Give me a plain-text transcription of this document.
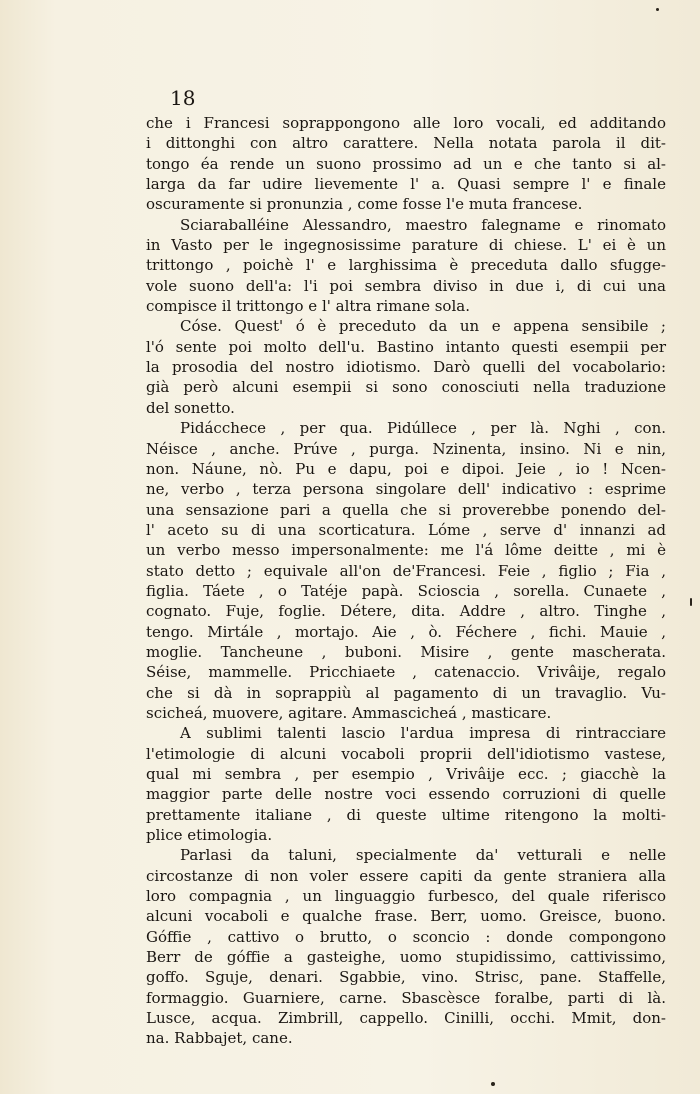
18
che i Francesi soprappongono alle loro vocali, ed additando
i dittonghi con altro carattere. Nella notata parola il dit-
tongo éa rende un suono prossimo ad un e che tanto si al-
larga da far udire lievemente l' a. Quasi sempre l' e finale
oscuramente si pronunzia , come fosse l'e muta francese.
Sciaraballéine Alessandro, maestro falegname e rinomato
in Vasto per le ingegnosissime parature di chiese. L' ei è un
trittongo , poichè l' e larghissima è preceduta dallo sfugge-
vole suono dell'a: l'i poi sembra diviso in due i, di cui una
compisce il trittongo e l' altra rimane sola.
Cóse. Quest' ó è preceduto da un e appena sensibile ;
l'ó sente poi molto dell'u. Bastino intanto questi esempii per
la prosodia del nostro idiotismo. Darò quelli del vocabolario:
già però alcuni esempii si sono conosciuti nella traduzione
del sonetto.
Pidácchece , per qua. Pidúllece , per là. Nghi , con.
Néisce , anche. Prúve , purga. Nzinenta, insino. Ni e nin,
non. Náune, nò. Pu e dapu, poi e dipoi. Jeie , io ! Ncen-
ne, verbo , terza persona singolare dell' indicativo : esprime
una sensazione pari a quella che si proverebbe ponendo del-
l' aceto su di una scorticatura. Lóme , serve d' innanzi ad
un verbo messo impersonalmente: me l'á lôme deitte , mi è
stato detto ; equivale all'on de'Francesi. Feie , figlio ; Fia ,
figlia. Táete , o Tatéje papà. Scioscia , sorella. Cunaete ,
cognato. Fuje, foglie. Détere, dita. Addre , altro. Tinghe ,
tengo. Mirtále , mortajo. Aie , ò. Féchere , fichi. Mauie ,
moglie. Tancheune , buboni. Misire , gente mascherata.
Séise, mammelle. Pricchiaete , catenaccio. Vrivâije, regalo
che si dà in soprappiù al pagamento di un travaglio. Vu-
scicheá, muovere, agitare. Ammascicheá , masticare.
A sublimi talenti lascio l'ardua impresa di rintracciare
l'etimologie di alcuni vocaboli proprii dell'idiotismo vastese,
qual mi sembra , per esempio , Vrivâije ecc. ; giacchè la
maggior parte delle nostre voci essendo corruzioni di quelle
prettamente italiane , di queste ultime ritengono la molti-
plice etimologia.
Parlasi da taluni, specialmente da' vetturali e nelle
circostanze di non voler essere capiti da gente straniera alla
loro compagnia , un linguaggio furbesco, del quale riferisco
alcuni vocaboli e qualche frase. Berr, uomo. Greisce, buono.
Góffie , cattivo o brutto, o sconcio : donde compongono
Berr de góffie a gasteighe, uomo stupidissimo, cattivissimo,
goffo. Sguje, denari. Sgabbie, vino. Strisc, pane. Staffelle,
formaggio. Guarniere, carne. Sbascèsce foralbe, parti di là.
Lusce, acqua. Zimbrill, cappello. Cinilli, occhi. Mmit, don-
na. Rabbajet, cane.
